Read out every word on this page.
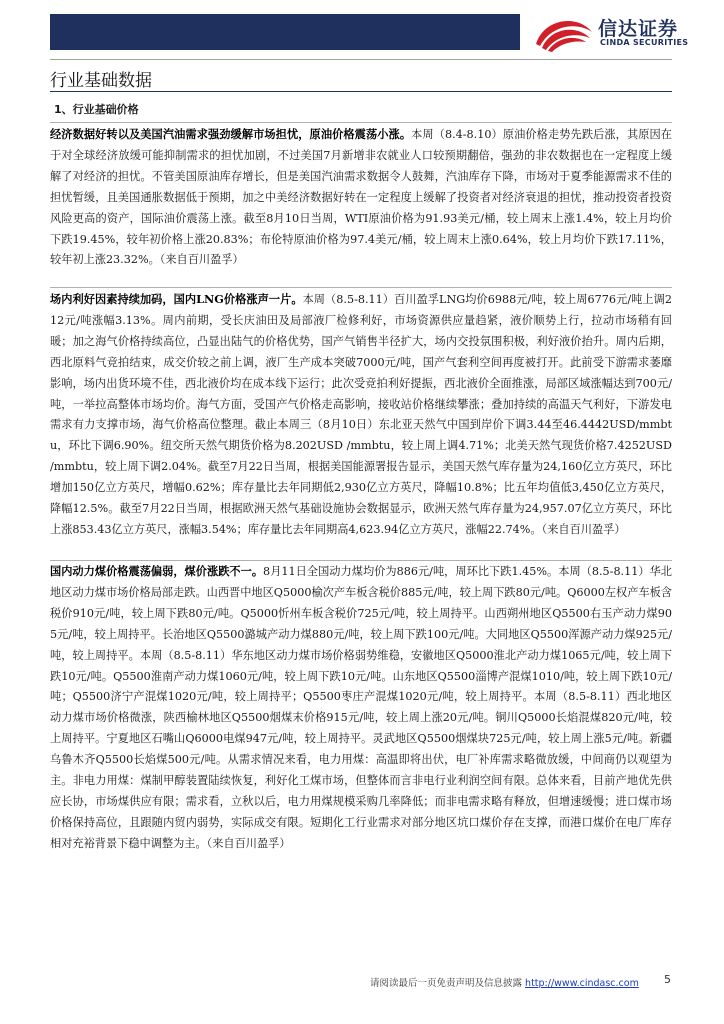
信达证券
CINDA SECURITIES
行业基础数据
1、行业基础价格

经济数据好转以及美国汽油需求强劲缓解市场担忧，原油价格震荡小涨。本周（8.4-8.10）原油价格走势先跌后涨，其原因在于对全球经济放缓可能抑制需求的担忧加剧，不过美国7月新增非农就业人口较预期翻倍，强劲的非农数据也在一定程度上缓解了对经济的担忧。不管美国原油库存增长，但是美国汽油需求数据令人鼓舞，汽油库存下降，市场对于夏季能源需求不佳的担忧暂缓，且美国通胀数据低于预期，加之中美经济数据好转在一定程度上缓解了投资者对经济衰退的担忧，推动投资者投资风险更高的资产，国际油价震荡上涨。截至8月10日当周，WTI原油价格为91.93美元/桶，较上周末上涨1.4%，较上月均价下跌19.45%，较年初价格上涨20.83%；布伦特原油价格为97.4美元/桶，较上周末上涨0.64%，较上月均价下跌17.11%，较年初上涨23.32%。（来自百川盈孚）

场内利好因素持续加码，国内LNG价格涨声一片。本周（8.5-8.11）百川盈孚LNG均价6988元/吨，较上周6776元/吨上调212元/吨涨幅3.13%。周内前期，受长庆油田及局部液厂检修利好，市场资源供应量趋紧，液价顺势上行，拉动市场稍有回暖；加之海气价格持续高位，凸显出陆气的价格优势，国产气销售半径扩大，场内交投氛围积极，利好液价抬升。周内后期，西北原料气竞拍结束，成交价较之前上调，液厂生产成本突破7000元/吨，国产气套利空间再度被打开。此前受下游需求萎靡影响，场内出货环境不佳，西北液价均在成本线下运行；此次受竞拍利好提振，西北液价全面推涨，局部区域涨幅达到700元/吨，一举拉高整体市场均价。海气方面，受国产气价格走高影响，接收站价格继续攀涨；叠加持续的高温天气利好，下游发电需求有力支撑市场，海气价格高位整理。截止本周三（8月10日）东北亚天然气中国到岸价下调3.44至46.4442USD/mmbtu，环比下调6.90%。纽交所天然气期货价格为8.202USD /mmbtu，较上周上调4.71%；北美天然气现货价格7.4252USD /mmbtu，较上周下调2.04%。截至7月22日当周，根据美国能源署报告显示，美国天然气库存量为24,160亿立方英尺，环比增加150亿立方英尺，增幅0.62%；库存量比去年同期低2,930亿立方英尺，降幅10.8%；比五年均值低3,450亿立方英尺，降幅12.5%。截至7月22日当周，根据欧洲天然气基础设施协会数据显示，欧洲天然气库存量为24,957.07亿立方英尺，环比上涨853.43亿立方英尺，涨幅3.54%；库存量比去年同期高4,623.94亿立方英尺，涨幅22.74%。（来自百川盈孚）

国内动力煤价格震荡偏弱，煤价涨跌不一。8月11日全国动力煤均价为886元/吨，周环比下跌1.45%。本周（8.5-8.11）华北地区动力煤市场价格局部走跌。山西晋中地区Q5000榆次产车板含税价885元/吨，较上周下跌80元/吨。Q6000左权产车板含税价910元/吨，较上周下跌80元/吨。Q5000忻州车板含税价725元/吨，较上周持平。山西朔州地区Q5500右玉产动力煤905元/吨，较上周持平。长治地区Q5500潞城产动力煤880元/吨，较上周下跌100元/吨。大同地区Q5500浑源产动力煤925元/吨，较上周持平。本周（8.5-8.11）华东地区动力煤市场价格弱势维稳，安徽地区Q5000淮北产动力煤1065元/吨，较上周下跌10元/吨。Q5500淮南产动力煤1060元/吨，较上周下跌10元/吨。山东地区Q5500淄博产混煤1010/吨，较上周下跌10元/吨；Q5500济宁产混煤1020元/吨，较上周持平；Q5500枣庄产混煤1020元/吨，较上周持平。本周（8.5-8.11）西北地区动力煤市场价格微涨，陕西榆林地区Q5500烟煤末价格915元/吨，较上周上涨20元/吨。铜川Q5000长焰混煤820元/吨，较上周持平。宁夏地区石嘴山Q6000电煤947元/吨，较上周持平。灵武地区Q5500烟煤块725元/吨，较上周上涨5元/吨。新疆乌鲁木齐Q5500长焰煤500元/吨。从需求情况来看，电力用煤：高温即将出伏，电厂补库需求略微放缓，中间商仍以观望为主。非电力用煤：煤制甲醇装置陆续恢复，利好化工煤市场，但整体而言非电行业利润空间有限。总体来看，目前产地优先供应长协，市场煤供应有限；需求看，立秋以后，电力用煤规模采购几率降低；而非电需求略有释放，但增速缓慢；进口煤市场价格保持高位，且跟随内贸内弱势，实际成交有限。短期化工行业需求对部分地区坑口煤价存在支撑，而港口煤价在电厂库存相对充裕背景下稳中调整为主。（来自百川盈孚）

请阅读最后一页免责声明及信息披露 http://www.cindasc.com 5
